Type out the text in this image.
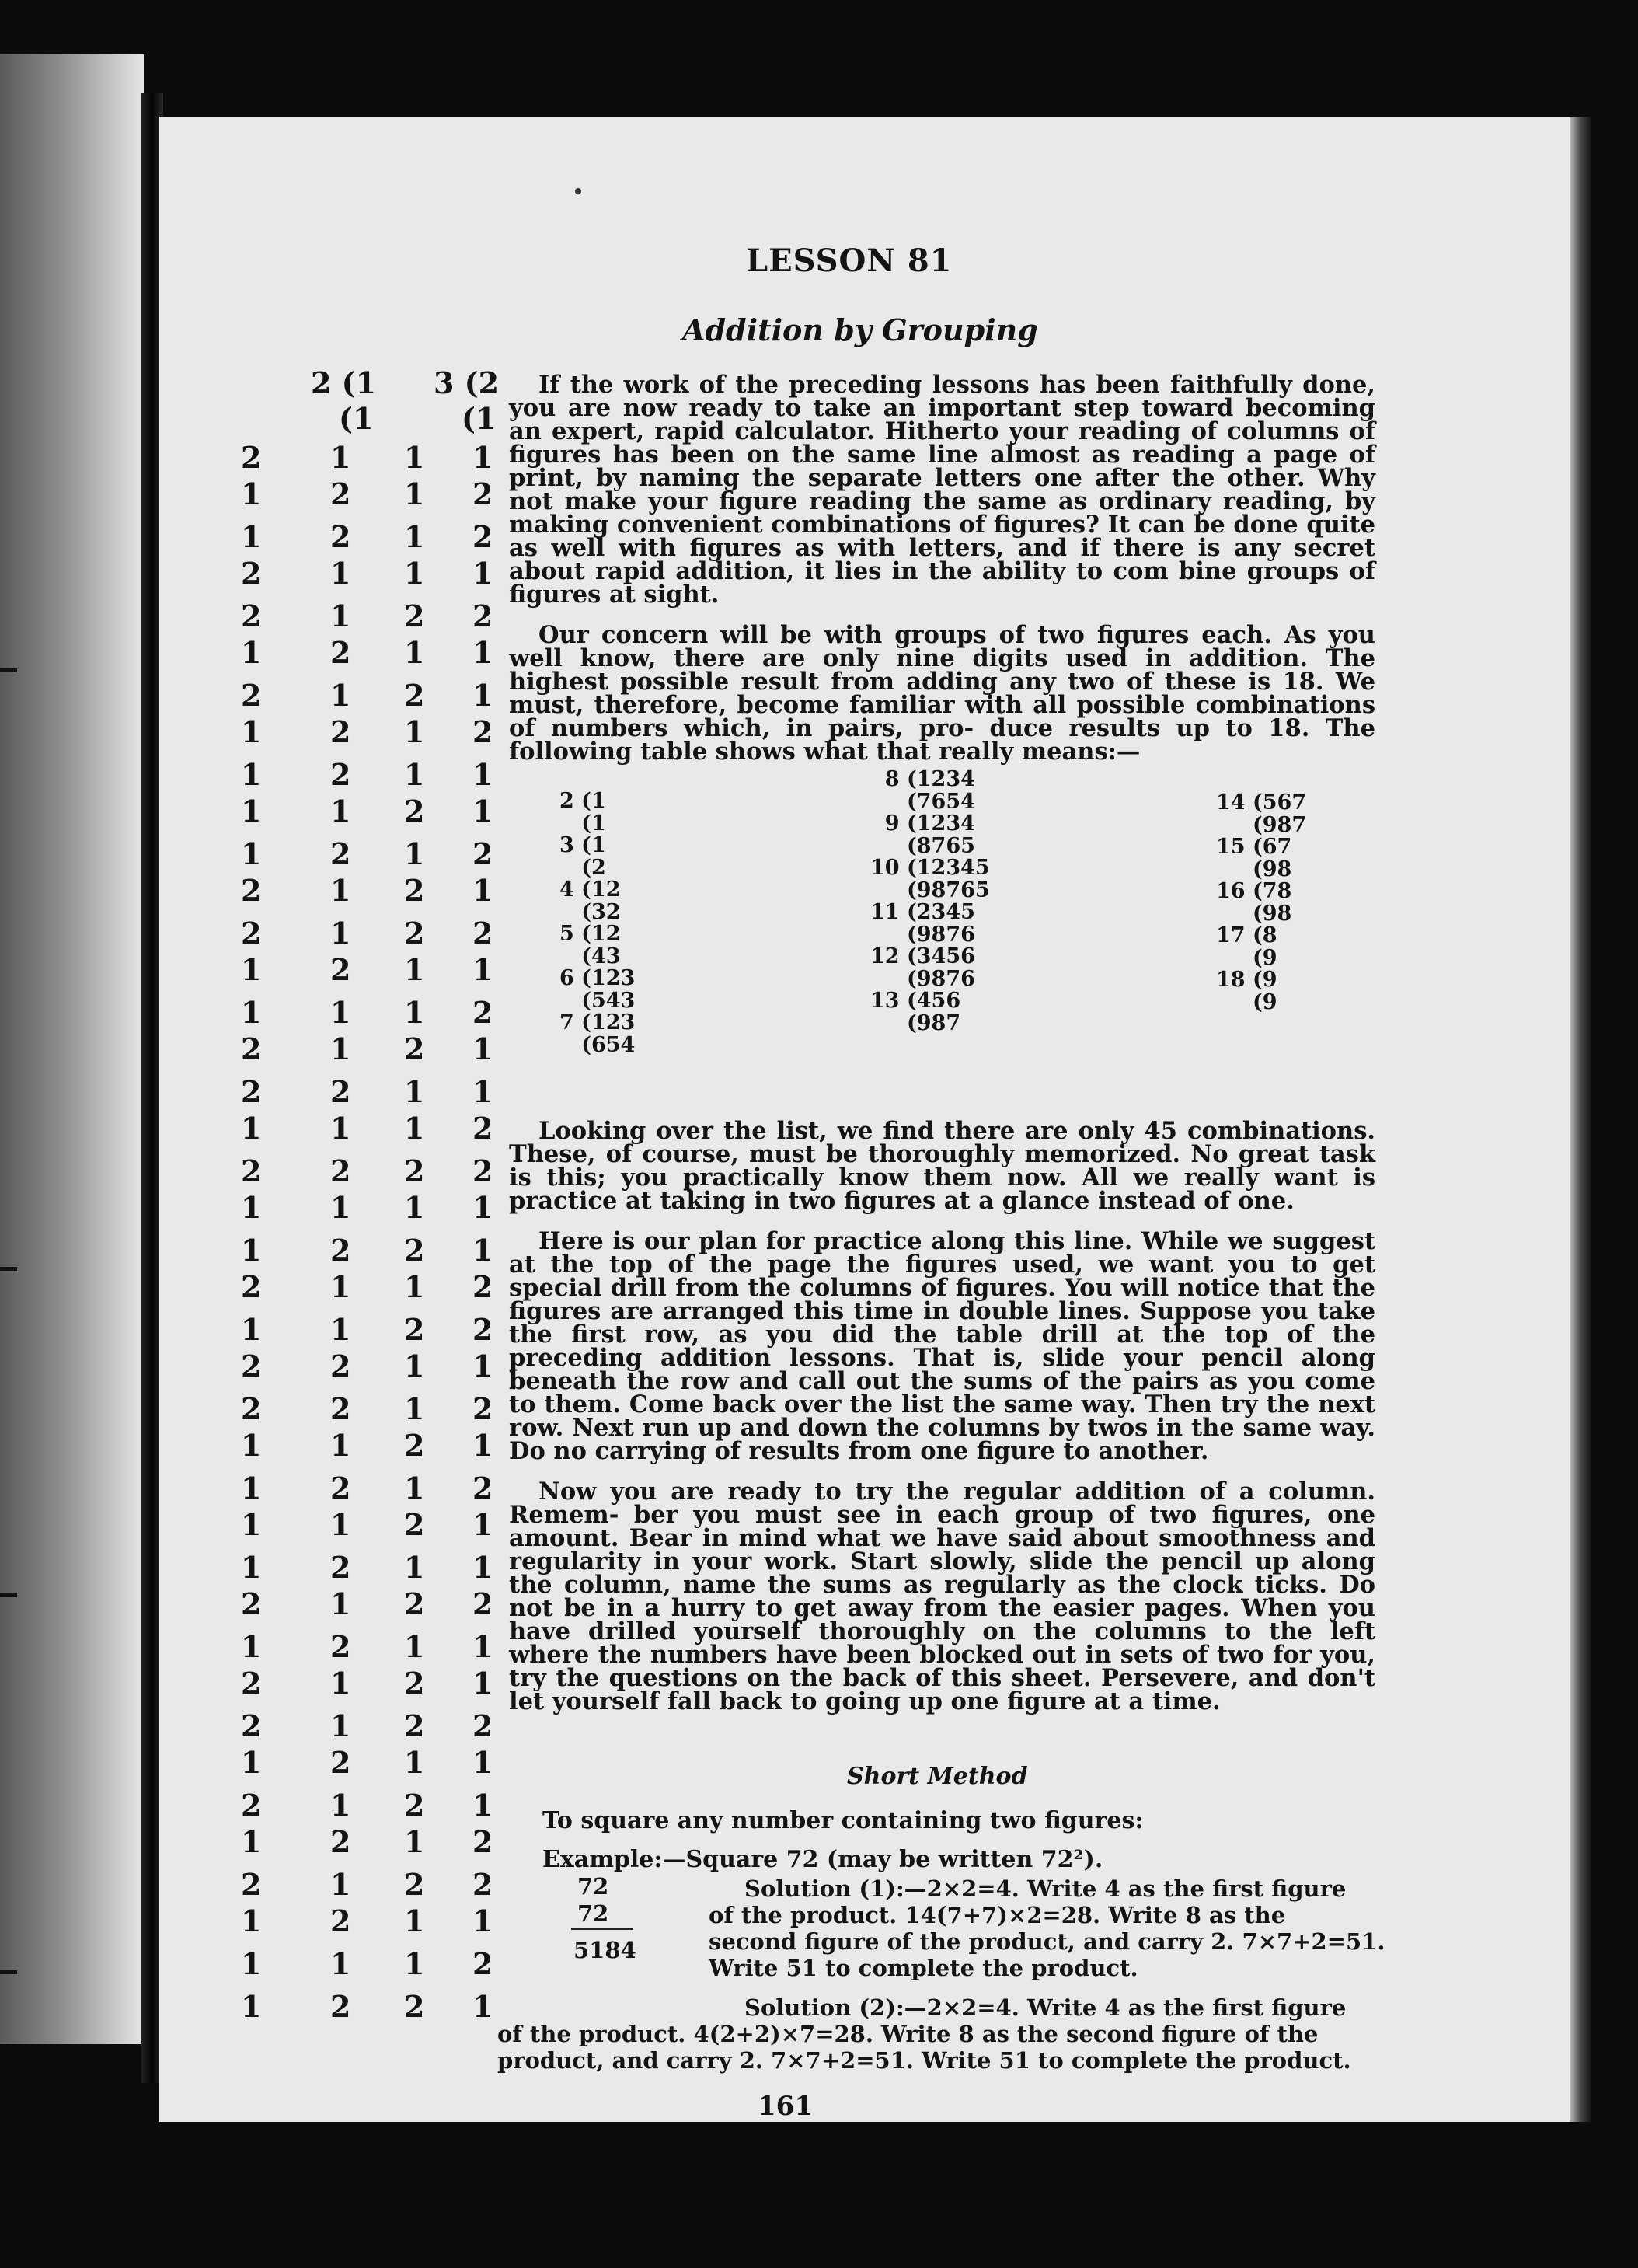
LESSON 81
Addition by Grouping
2 (1 3 (2
(1	(1
2 1 1 1
1 2 1 2
1 2 1 2
2 1 1 1
2 1 2 2
1 2 1 1
2 1 2 1
1 2 1 2
1 2 1 1
1 1 2 1
1 2 1 2
2 1 2 1
2 1 2 2
1 2 1 1
1 1 1 2
2 1 2 1
2 2 1 1
1 1 1 2
2 2 2 2
1 1 1 1
1 2 2 1
2 1 1 2
1 1 2 2
2 2 1 1
2 2 1 2
1 1 2 1
1 2 1 2
1 1 2 1
1 2 1 1
2 1 2 2
1 2 1 1
2 1 2 1
2 1 2 2
1 2 1 1
2 1 2 1
1 2 1 2
2 1 2 2
1 2 1 1
1 1 1 2
1 2 2 1

If the work of the preceding lessons has been faithfully done, you are now ready to take an important step toward becoming an expert, rapid calculator. Hitherto your reading of columns of figures has been on the same line almost as reading a page of print, by naming the separate letters one after the other. Why not make your figure reading the same as ordinary reading, by making convenient combinations of figures? It can be done quite as well with figures as with letters, and if there is any secret about rapid addition, it lies in the ability to com bine groups of figures at sight.

Our concern will be with groups of two figures each. As you well know, there are only nine digits used in addition. The highest possible result from adding any two of these is 18. We must, therefore, become familiar with all possible combinations of numbers which, in pairs, pro- duce results up to 18. The following table shows what that really means:—

2 (1
(1
3 (1
(2
4 (12
(32
5 (12
(43
6 (123
(543
7 (123
(654
8 (1234
(7654
9 (1234
(8765
10 (12345
(98765
11 (2345
(9876
12 (3456
(9876
13 (456
(987
14 (567
(987
15 (67
(98
16 (78
(98
17 (8
(9
18 (9
(9

Looking over the list, we find there are only 45 combinations. These, of course, must be thoroughly memorized. No great task is this; you practically know them now. All we really want is practice at taking in two figures at a glance instead of one.

Here is our plan for practice along this line. While we suggest at the top of the page the figures used, we want you to get special drill from the columns of figures. You will notice that the figures are arranged this time in double lines. Suppose you take the first row, as you did the table drill at the top of the preceding addition lessons. That is, slide your pencil along beneath the row and call out the sums of the pairs as you come to them. Come back over the list the same way. Then try the next row. Next run up and down the columns by twos in the same way. Do no carrying of results from one figure to another.

Now you are ready to try the regular addition of a column. Remem- ber you must see in each group of two figures, one amount. Bear in mind what we have said about smoothness and regularity in your work. Start slowly, slide the pencil up along the column, name the sums as regularly as the clock ticks. Do not be in a hurry to get away from the easier pages. When you have drilled yourself thoroughly on the columns to the left where the numbers have been blocked out in sets of two for you, try the questions on the back of this sheet. Persevere, and don't let yourself fall back to going up one figure at a time.

Short Method
To square any number containing two figures:
Example:—Square 72 (may be written 72²).
72
72
5184
Solution (1):—2×2=4. Write 4 as the first figure
of the product. 14(7+7)×2=28. Write 8 as the
second figure of the product, and carry 2. 7×7+2=51.
Write 51 to complete the product.
Solution (2):—2×2=4. Write 4 as the first figure
of the product. 4(2+2)×7=28. Write 8 as the second figure of the
product, and carry 2. 7×7+2=51. Write 51 to complete the product.
161
